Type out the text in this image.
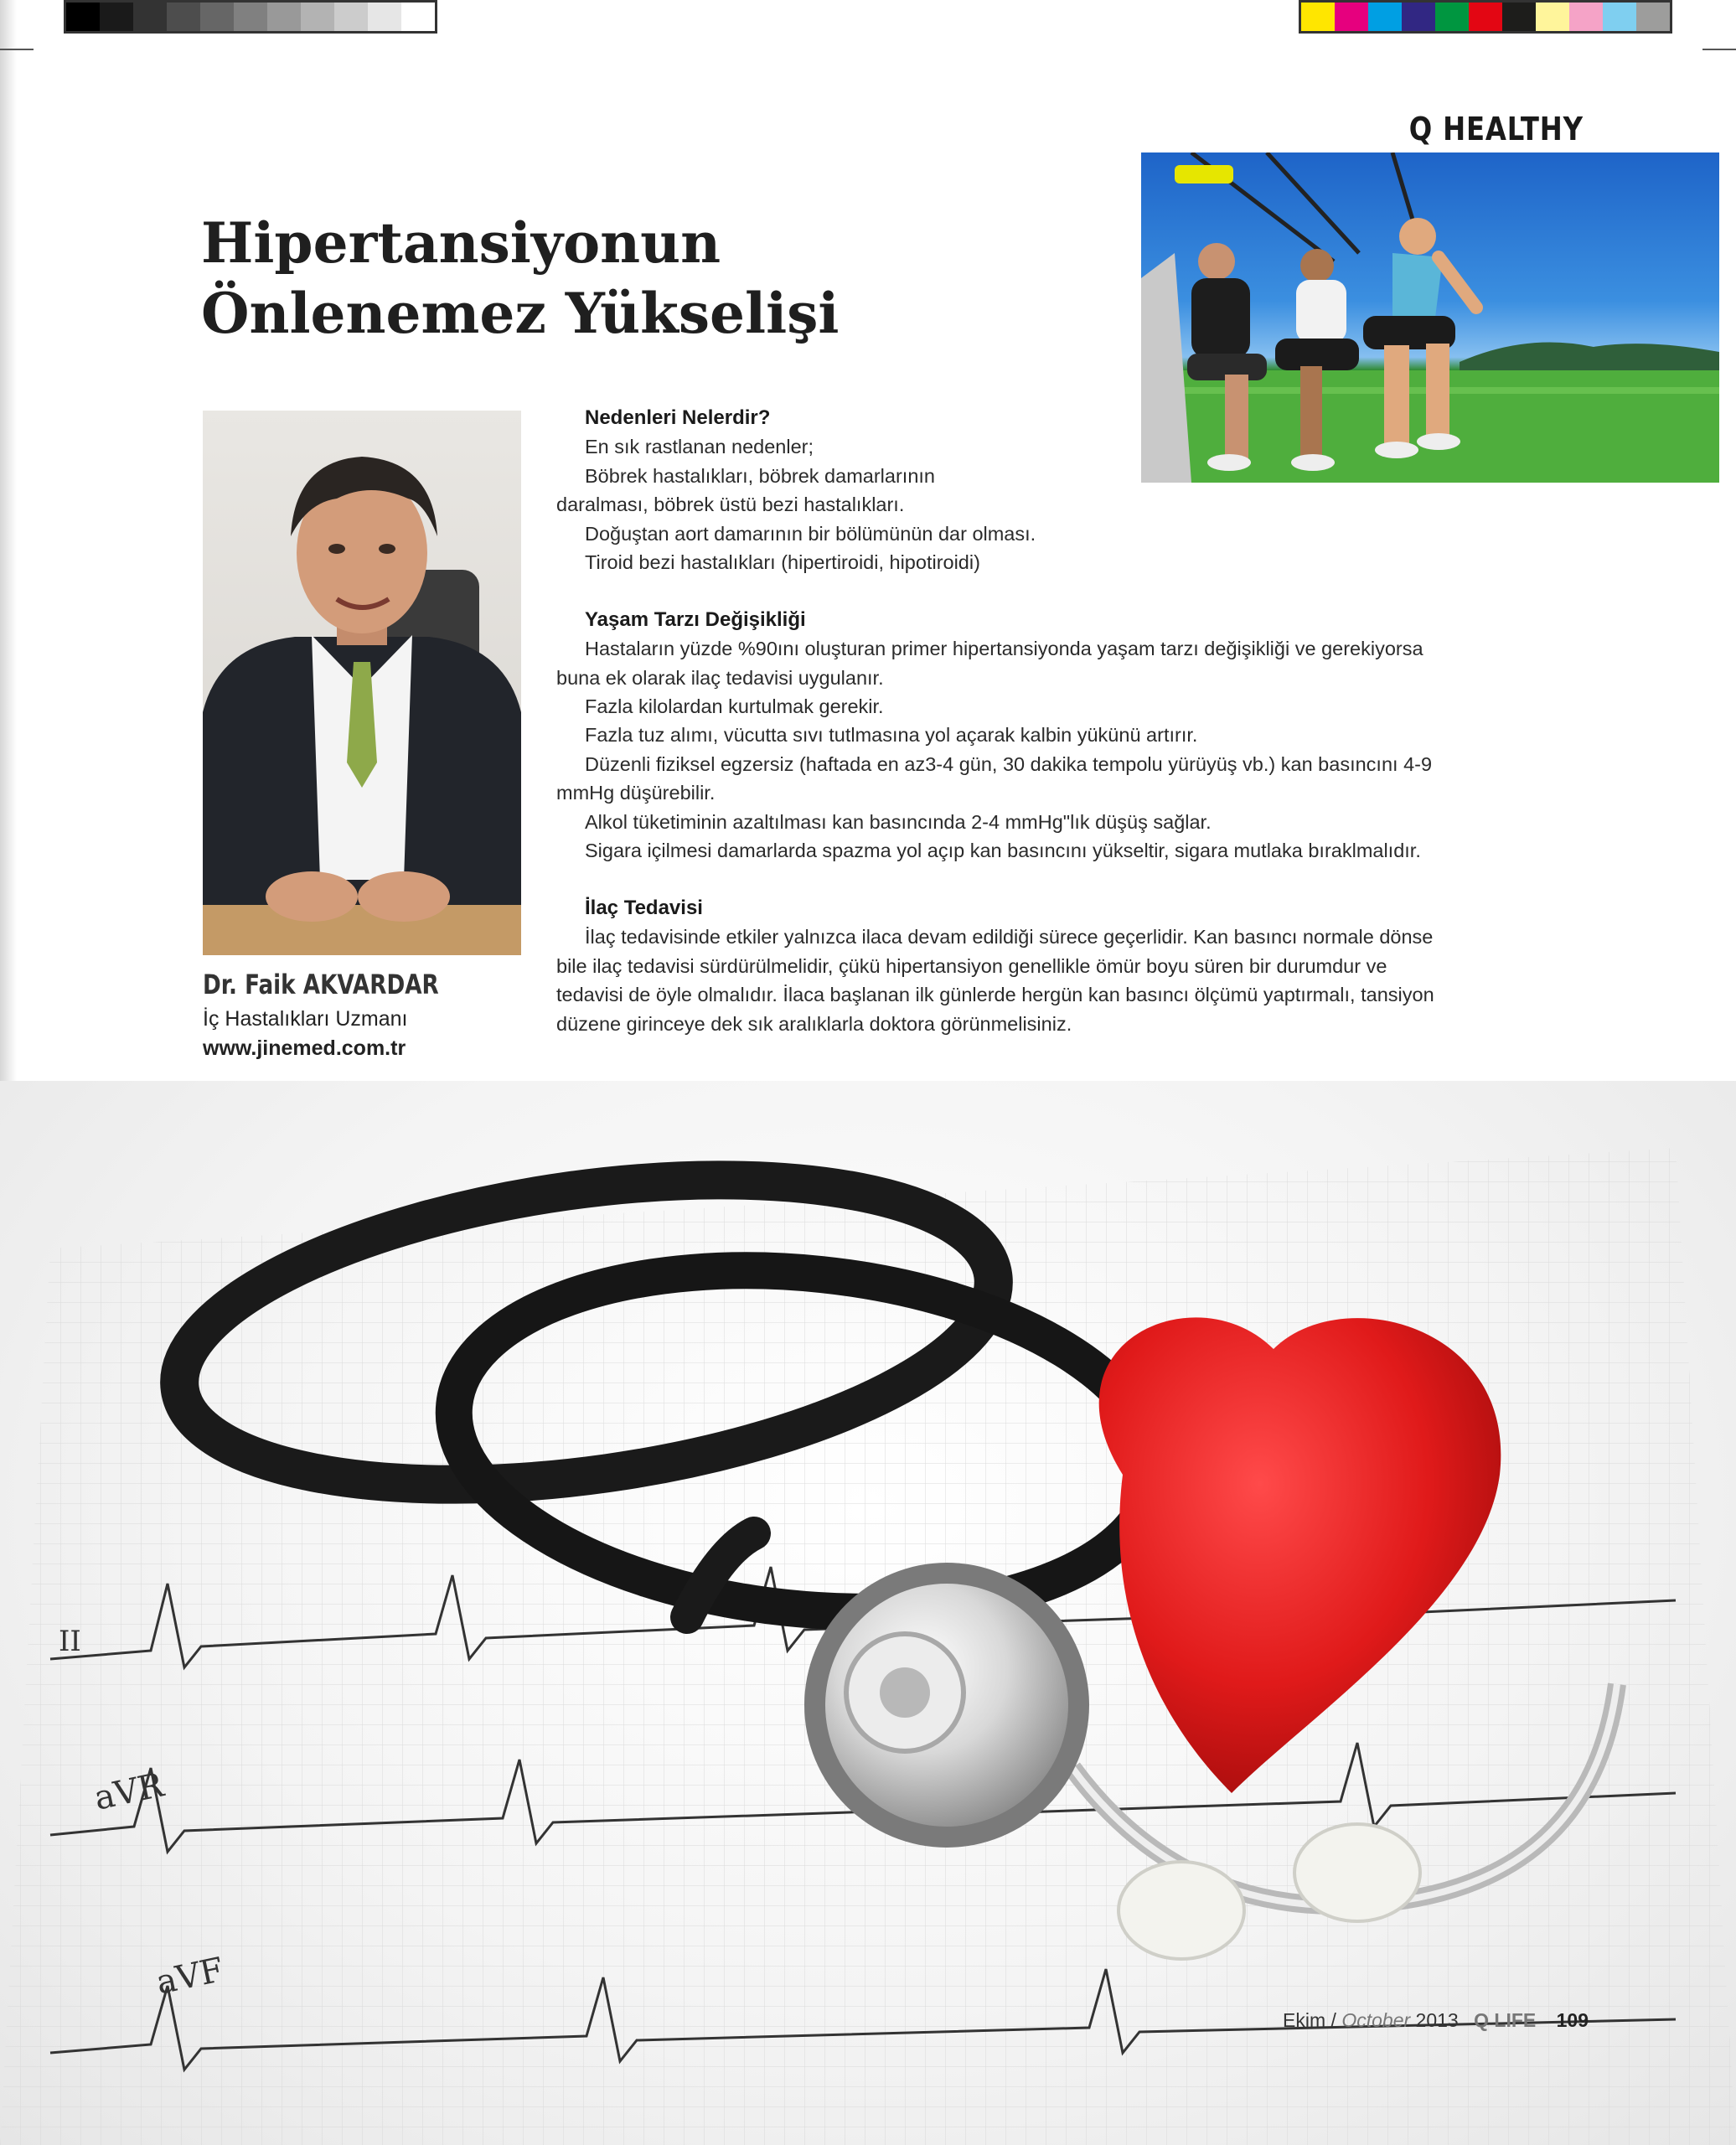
Q HEALTHY
Hipertansiyonun
Önlenemez Yükselişi
Dr. Faik AKVARDAR
İç Hastalıkları Uzmanı
www.jinemed.com.tr
Nedenleri Nelerdir?

En sık rastlanan nedenler;

Böbrek hastalıkları, böbrek damarlarının daralması, böbrek üstü bezi hastalıkları.

Doğuştan aort damarının bir bölümünün dar olması.

Tiroid bezi hastalıkları (hipertiroidi, hipotiroidi)

Yaşam Tarzı Değişikliği

Hastaların yüzde %90ını oluşturan primer hipertansiyonda yaşam tarzı değişikliği ve gerekiyorsa buna ek olarak ilaç tedavisi uygulanır.

Fazla kilolardan kurtulmak gerekir.

Fazla tuz alımı, vücutta sıvı tutlmasına yol açarak kalbin yükünü artırır.

Düzenli fiziksel egzersiz (haftada en az3-4 gün, 30 dakika tempolu yürüyüş vb.) kan basıncını 4-9 mmHg düşürebilir.

Alkol tüketiminin azaltılması kan basıncında 2-4 mmHg"lık düşüş sağlar.

Sigara içilmesi damarlarda spazma yol açıp kan basıncını yükseltir, sigara mutlaka bıraklmalıdır.

İlaç Tedavisi

İlaç tedavisinde etkiler yalnızca ilaca devam edildiği sürece geçerlidir. Kan basıncı normale dönse bile ilaç tedavisi sürdürülmelidir, çükü hipertansiyon genellikle ömür boyu süren bir durumdur ve tedavisi de öyle olmalıdır. İlaca başlanan ilk günlerde hergün kan basıncı ölçümü yaptırmalı, tansiyon düzene girinceye dek sık aralıklarla doktora görünmelisiniz.

aVR
aVF
II
Ekim / October 2013 Q LIFE 109
